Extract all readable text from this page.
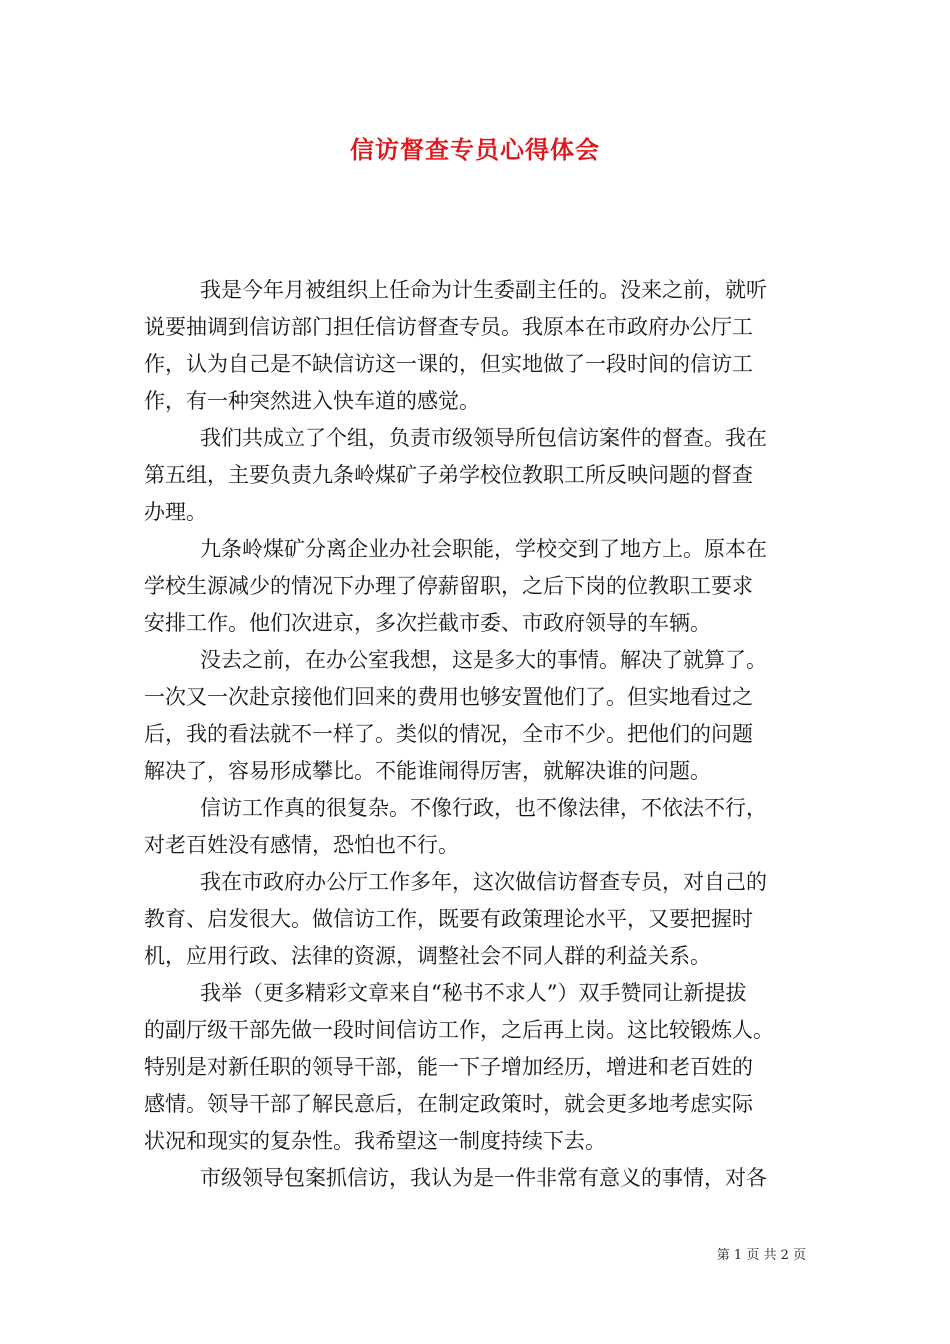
信访督查专员心得体会
我是今年月被组织上任命为计生委副主任的。没来之前，就听
说要抽调到信访部门担任信访督查专员。我原本在市政府办公厅工
作，认为自己是不缺信访这一课的，但实地做了一段时间的信访工
作，有一种突然进入快车道的感觉。
我们共成立了个组，负责市级领导所包信访案件的督查。我在
第五组，主要负责九条岭煤矿子弟学校位教职工所反映问题的督查
办理。
九条岭煤矿分离企业办社会职能，学校交到了地方上。原本在
学校生源减少的情况下办理了停薪留职，之后下岗的位教职工要求
安排工作。他们次进京，多次拦截市委、市政府领导的车辆。
没去之前，在办公室我想，这是多大的事情。解决了就算了。
一次又一次赴京接他们回来的费用也够安置他们了。但实地看过之
后，我的看法就不一样了。类似的情况，全市不少。把他们的问题
解决了，容易形成攀比。不能谁闹得厉害，就解决谁的问题。
信访工作真的很复杂。不像行政，也不像法律，不依法不行，
对老百姓没有感情，恐怕也不行。
我在市政府办公厅工作多年，这次做信访督查专员，对自己的
教育、启发很大。做信访工作，既要有政策理论水平，又要把握时
机，应用行政、法律的资源，调整社会不同人群的利益关系。
我举（更多精彩文章来自“秘书不求人”）双手赞同让新提拔
的副厅级干部先做一段时间信访工作，之后再上岗。这比较锻炼人。
特别是对新任职的领导干部，能一下子增加经历，增进和老百姓的
感情。领导干部了解民意后，在制定政策时，就会更多地考虑实际
状况和现实的复杂性。我希望这一制度持续下去。
市级领导包案抓信访，我认为是一件非常有意义的事情，对各
第 1 页 共 2 页
